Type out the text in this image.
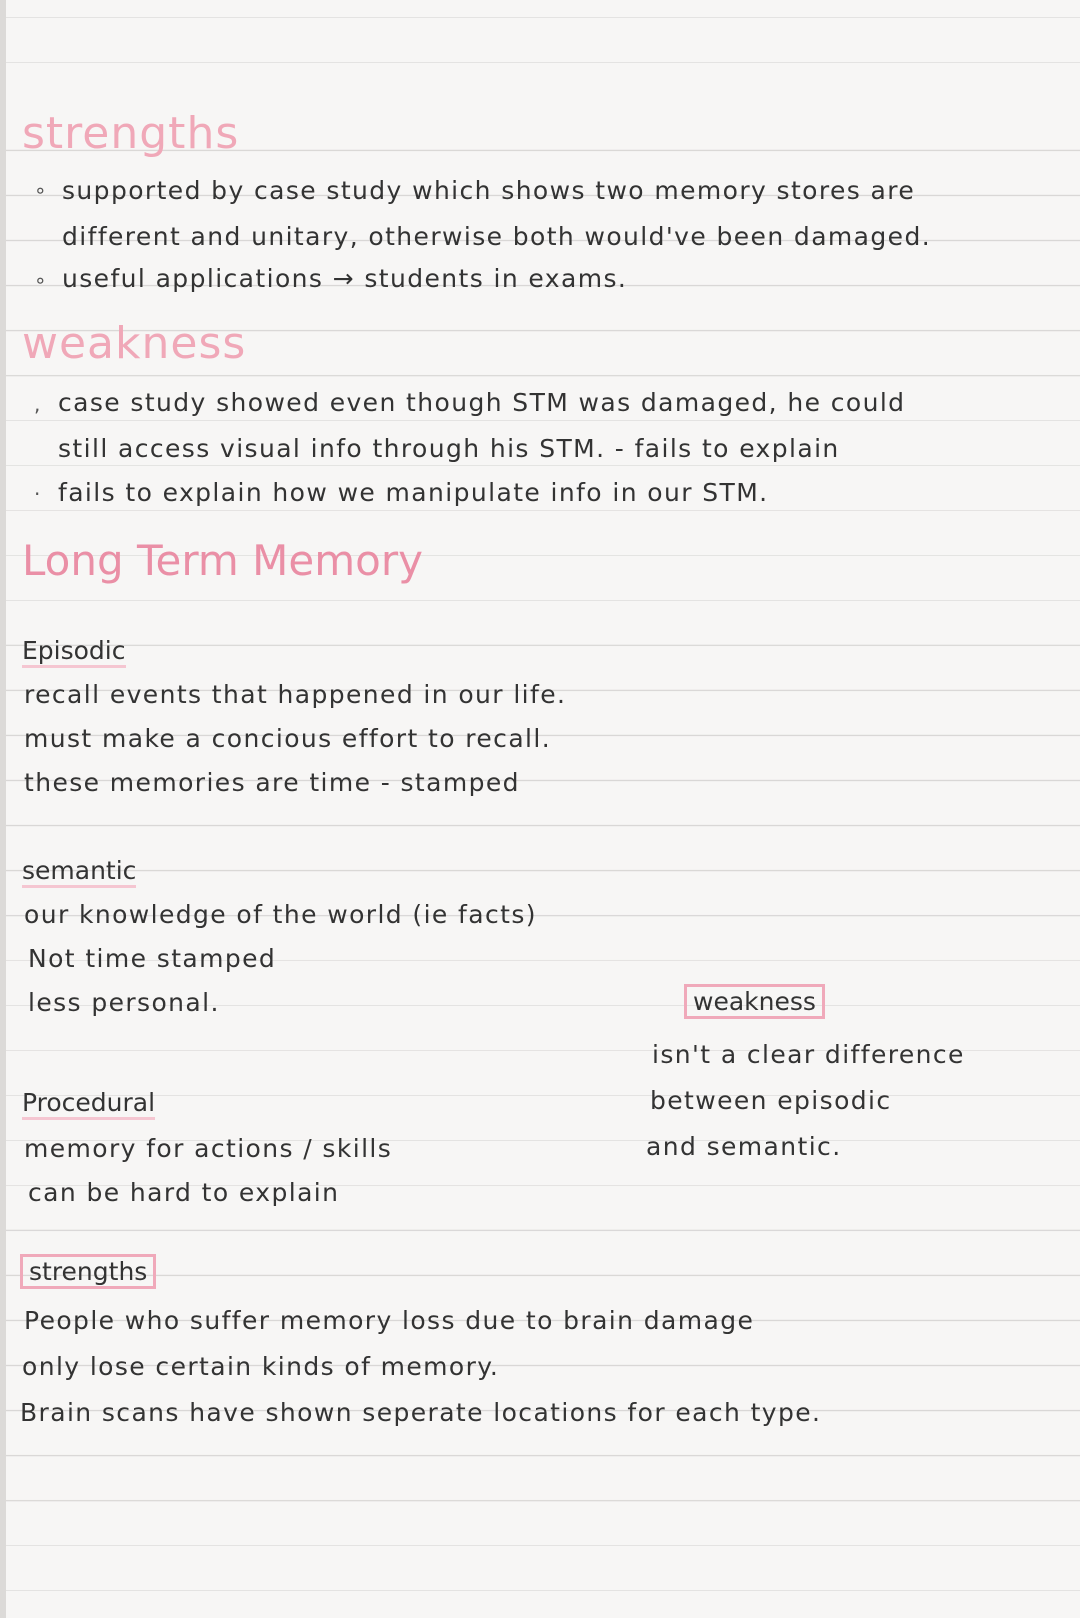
strengths
∘ supported by case study which shows two memory stores are
different and unitary, otherwise both would've been damaged.
∘ useful applications → students in exams.
weakness
, case study showed even though STM was damaged, he could
still access visual info through his STM. - fails to explain
· fails to explain how we manipulate info in our STM.
Long Term Memory
Episodic
recall events that happened in our life.
must make a concious effort to recall.
these memories are time - stamped
semantic
our knowledge of the world (ie facts)
Not time stamped
less personal.	weakness
isn't a clear difference
between episodic
and semantic.
Procedural
memory for actions / skills
can be hard to explain
strengths
People who suffer memory loss due to brain damage
only lose certain kinds of memory.
Brain scans have shown seperate locations for each type.
